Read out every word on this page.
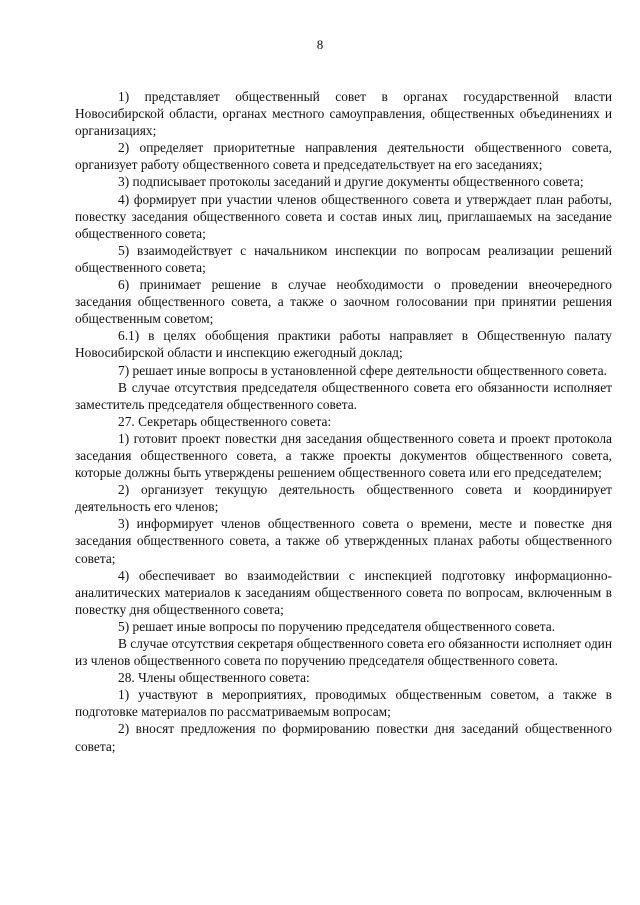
8

1) представляет общественный совет в органах государственной власти Новосибирской области, органах местного самоуправления, общественных объединениях и организациях;

2) определяет приоритетные направления деятельности общественного совета, организует работу общественного совета и председательствует на его заседаниях;

3) подписывает протоколы заседаний и другие документы общественного совета;

4) формирует при участии членов общественного совета и утверждает план работы, повестку заседания общественного совета и состав иных лиц, приглашаемых на заседание общественного совета;

5) взаимодействует с начальником инспекции по вопросам реализации решений общественного совета;

6) принимает решение в случае необходимости о проведении внеочередного заседания общественного совета, а также о заочном голосовании при принятии решения общественным советом;

6.1) в целях обобщения практики работы направляет в Общественную палату Новосибирской области и инспекцию ежегодный доклад;

7) решает иные вопросы в установленной сфере деятельности общественного совета.

В случае отсутствия председателя общественного совета его обязанности исполняет заместитель председателя общественного совета.

27. Секретарь общественного совета:

1) готовит проект повестки дня заседания общественного совета и проект протокола заседания общественного совета, а также проекты документов общественного совета, которые должны быть утверждены решением общественного совета или его председателем;

2) организует текущую деятельность общественного совета и координирует деятельность его членов;

3) информирует членов общественного совета о времени, месте и повестке дня заседания общественного совета, а также об утвержденных планах работы общественного совета;

4) обеспечивает во взаимодействии с инспекцией подготовку информационно-аналитических материалов к заседаниям общественного совета по вопросам, включенным в повестку дня общественного совета;

5) решает иные вопросы по поручению председателя общественного совета.

В случае отсутствия секретаря общественного совета его обязанности исполняет один из членов общественного совета по поручению председателя общественного совета.

28. Члены общественного совета:

1) участвуют в мероприятиях, проводимых общественным советом, а также в подготовке материалов по рассматриваемым вопросам;

2) вносят предложения по формированию повестки дня заседаний общественного совета;
